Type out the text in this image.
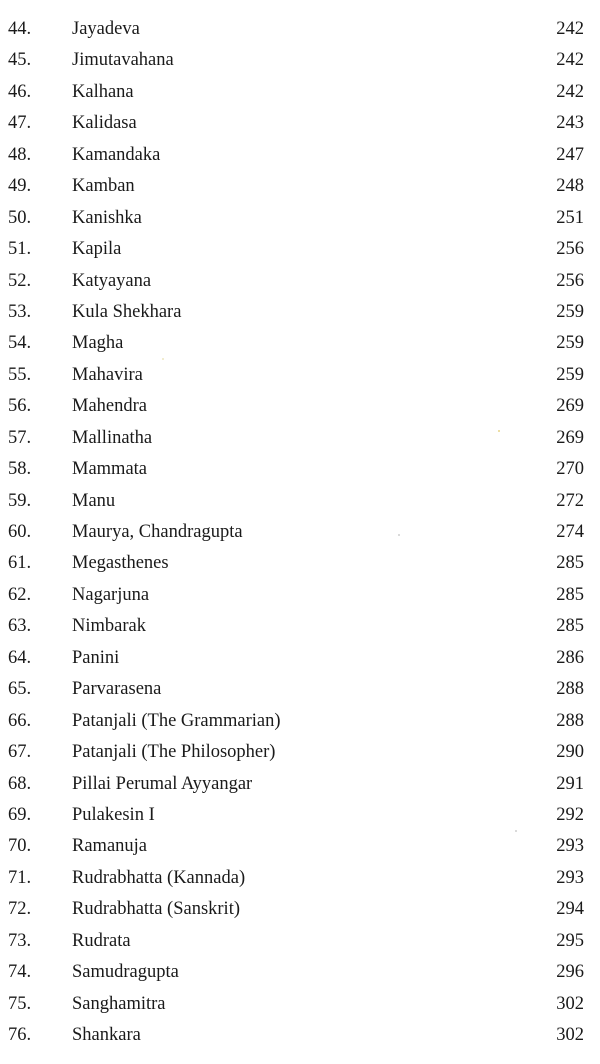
44. Jayadeva	242
45. Jimutavahana	242
46. Kalhana	242
47. Kalidasa	243
48. Kamandaka	247
49. Kamban	248
50. Kanishka	251
51. Kapila	256
52. Katyayana	256
53. Kula Shekhara	259
54. Magha	259
55. Mahavira	259
56. Mahendra	269
57. Mallinatha	269
58. Mammata	270
59. Manu	272
60. Maurya, Chandragupta	274
61. Megasthenes	285
62. Nagarjuna	285
63. Nimbarak	285
64. Panini	286
65. Parvarasena	288
66. Patanjali (The Grammarian)	288
67. Patanjali (The Philosopher)	290
68. Pillai Perumal Ayyangar	291
69. Pulakesin I	292
70. Ramanuja	293
71. Rudrabhatta (Kannada)	293
72. Rudrabhatta (Sanskrit)	294
73. Rudrata	295
74. Samudragupta	296
75. Sanghamitra	302
76. Shankara	302
